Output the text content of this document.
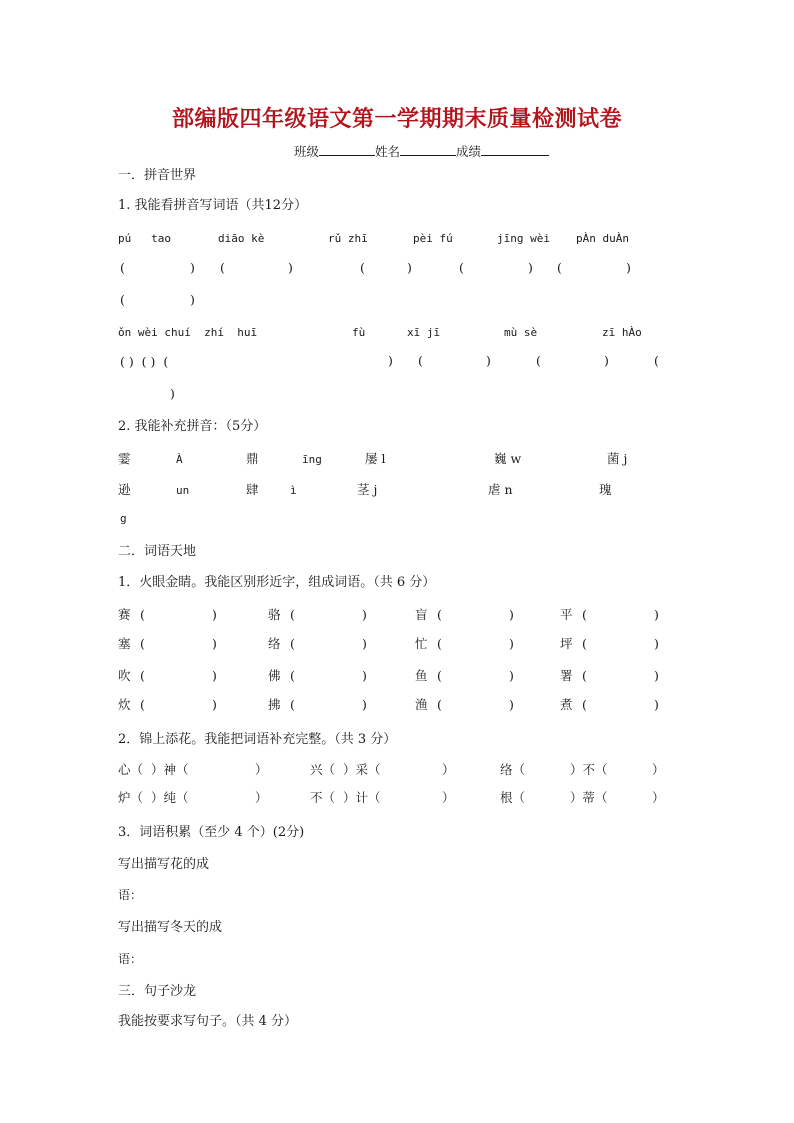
部编版四年级语文第一学期期末质量检测试卷
班级	姓名	成绩
一．拼音世界
1. 我能看拼音写词语（共12分）
pú   tao	diāo kè	rǔ zhī	pèi fú	jīng wèi pÀn duÀn
(	) (	)	(	)	(	) (	)
(	)
ǒn wèi chuí  zhí  huī	fù	xī jī	mù sè	zī hÀo
( )  ( )  (	) (	)	(	)	(
)
2. 我能补充拼音：（5分）
霎	À	鼎	īng	屡 l	巍 w	菌 j
逊	un	肆	ì	茎 j	虐 n	瑰
g
二．词语天地
1．火眼金睛。我能区别形近字，组成词语。（共 6 分）
赛 (	)	骆 (	)	盲 (	)	平 (	)
塞 (	)	络 (	)	忙 (	)	坪 (	)
吹 (	)	佛 (	)	鱼 (	)	署 (	)
炊 (	)	拂 (	)	渔 (	)	煮 (	)
2．锦上添花。我能把词语补充完整。（共 3 分）
心（  ）神（	）	兴（  ）采（	）	络（	）不（	）
炉（  ）纯（	）	不（  ）计（	）	根（	）蒂（	）
3．词语积累（至少 4 个）(2分)
写出描写花的成
语：
写出描写冬天的成
语：
三．句子沙龙
我能按要求写句子。（共 4 分）
